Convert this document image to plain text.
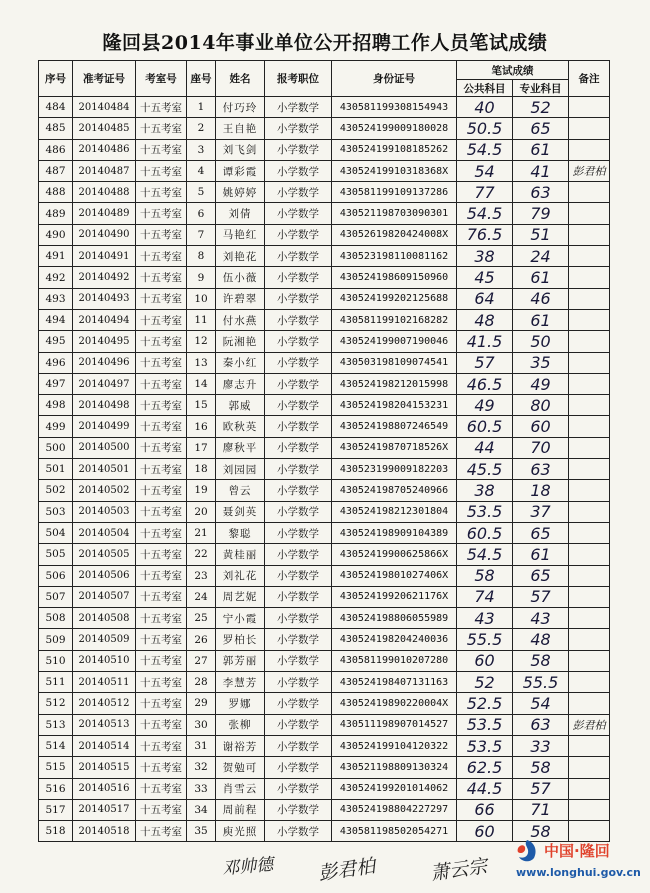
隆回县2014年事业单位公开招聘工作人员笔试成绩
序号	准考证号	考室号	座号	姓名	报考职位	身份证号	笔试成绩		备注
							公共科目	专业科目	
484	20140484	十五考室	1	付巧玲	小学数学	430581199308154943	40	52	
485	20140485	十五考室	2	王自艳	小学数学	430524199009180028	50.5	65	
486	20140486	十五考室	3	刘飞剑	小学数学	430524199108185262	54.5	61	
487	20140487	十五考室	4	谭彩霞	小学数学	43052419910318368X	54	41	彭君柏
488	20140488	十五考室	5	姚婷婷	小学数学	430581199109137286	77	63	
489	20140489	十五考室	6	刘倩	小学数学	430521198703090301	54.5	79	
490	20140490	十五考室	7	马艳红	小学数学	43052619820424008X	76.5	51	
491	20140491	十五考室	8	刘艳花	小学数学	430523198110081162	38	24	
492	20140492	十五考室	9	伍小薇	小学数学	430524198609150960	45	61	
493	20140493	十五考室	10	许碧翠	小学数学	430524199202125688	64	46	
494	20140494	十五考室	11	付水燕	小学数学	430581199102168282	48	61	
495	20140495	十五考室	12	阮湘艳	小学数学	430524199007190046	41.5	50	
496	20140496	十五考室	13	秦小红	小学数学	430503198109074541	57	35	
497	20140497	十五考室	14	廖志升	小学数学	430524198212015998	46.5	49	
498	20140498	十五考室	15	郭威	小学数学	430524198204153231	49	80	
499	20140499	十五考室	16	欧秋英	小学数学	430524198807246549	60.5	60	
500	20140500	十五考室	17	廖秋平	小学数学	43052419870718526X	44	70	
501	20140501	十五考室	18	刘园园	小学数学	430523199009182203	45.5	63	
502	20140502	十五考室	19	曾云	小学数学	430524198705240966	38	18	
503	20140503	十五考室	20	聂剑英	小学数学	430524198212301804	53.5	37	
504	20140504	十五考室	21	黎聪	小学数学	430524198909104389	60.5	65	
505	20140505	十五考室	22	黄桂丽	小学数学	43052419900625866X	54.5	61	
506	20140506	十五考室	23	刘礼花	小学数学	43052419801027406X	58	65	
507	20140507	十五考室	24	周艺妮	小学数学	43052419920621176X	74	57	
508	20140508	十五考室	25	宁小霞	小学数学	430524198806055989	43	43	
509	20140509	十五考室	26	罗柏长	小学数学	430524198204240036	55.5	48	
510	20140510	十五考室	27	郭芳丽	小学数学	430581199010207280	60	58	
511	20140511	十五考室	28	李慧芳	小学数学	430524198407131163	52	55.5	
512	20140512	十五考室	29	罗娜	小学数学	43052419890220004X	52.5	54	
513	20140513	十五考室	30	张柳	小学数学	430511198907014527	53.5	63	彭君柏
514	20140514	十五考室	31	谢裕芳	小学数学	430524199104120322	53.5	33	
515	20140515	十五考室	32	贺勉可	小学数学	430521198809130324	62.5	58	
516	20140516	十五考室	33	肖雪云	小学数学	430524199201014062	44.5	57	
517	20140517	十五考室	34	周前程	小学数学	430524198804227297	66	71	
518	20140518	十五考室	35	庾光照	小学数学	430581198502054271	60	58	
邓帅德 彭君柏	萧云宗
中国·隆回
www.longhui.gov.cn
